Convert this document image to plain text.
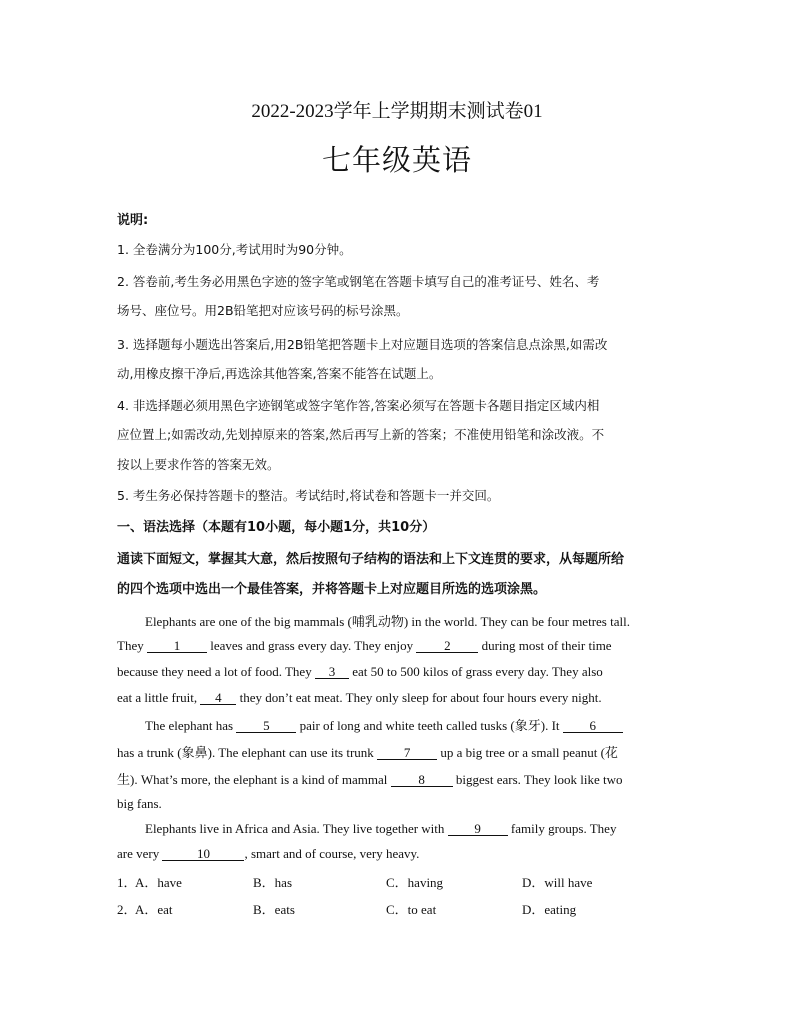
2022-2023学年上学期期末测试卷01
七年级英语
说明:
1. 全卷满分为100分,考试用时为90分钟。
2. 答卷前,考生务必用黑色字迹的签字笔或钢笔在答题卡填写自己的准考证号、姓名、考
场号、座位号。用2B铅笔把对应该号码的标号涂黑。
3. 选择题每小题选出答案后,用2B铅笔把答题卡上对应题目选项的答案信息点涂黑,如需改
动,用橡皮擦干净后,再选涂其他答案,答案不能答在试题上。
4. 非选择题必须用黑色字迹钢笔或签字笔作答,答案必须写在答题卡各题目指定区域内相
应位置上;如需改动,先划掉原来的答案,然后再写上新的答案；不准使用铅笔和涂改液。不
按以上要求作答的答案无效。
5. 考生务必保持答题卡的整洁。考试结时,将试卷和答题卡一并交回。
一、语法选择（本题有10小题，每小题1分，共10分）
通读下面短文，掌握其大意，然后按照句子结构的语法和上下文连贯的要求，从每题所给
的四个选项中选出一个最佳答案，并将答题卡上对应题目所选的选项涂黑。
Elephants are one of the big mammals (哺乳动物) in the world. They can be four metres tall.
They 1 leaves and grass every day. They enjoy 2 during most of their time
because they need a lot of food. They 3 eat 50 to 500 kilos of grass every day. They also
eat a little fruit, 4 they don’t eat meat. They only sleep for about four hours every night.
The elephant has 5 pair of long and white teeth called tusks (象牙). It 6
has a trunk (象鼻). The elephant can use its trunk 7 up a big tree or a small peanut (花
生). What’s more, the elephant is a kind of mammal 8 biggest ears. They look like two
big fans.
Elephants live in Africa and Asia. They live together with 9 family groups. They
are very	10	, smart and of course, very heavy.
1．
A．have	B．has	C．having	D．will have
2．
A．eat	B．eats	C．to eat	D．eating
